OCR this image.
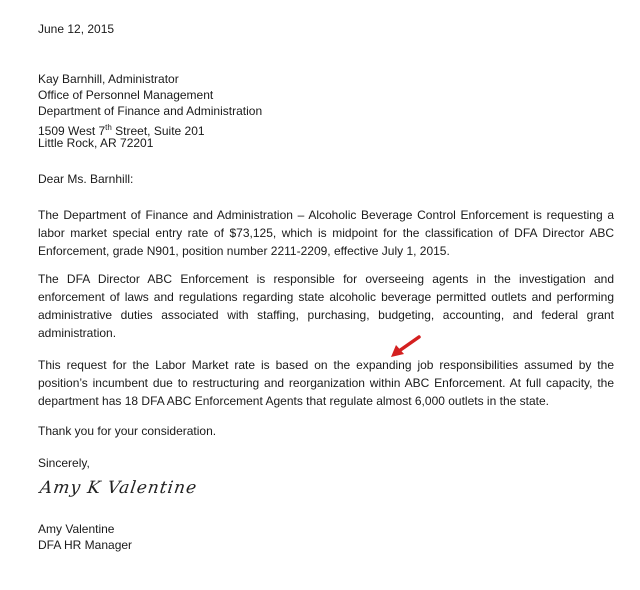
June 12, 2015
Kay Barnhill, Administrator
Office of Personnel Management
Department of Finance and Administration
1509 West 7th Street, Suite 201
Little Rock, AR 72201
Dear Ms. Barnhill:
The Department of Finance and Administration – Alcoholic Beverage Control Enforcement is requesting a labor market special entry rate of $73,125, which is midpoint for the classification of DFA Director ABC Enforcement, grade N901, position number 2211-2209, effective July 1, 2015.
The DFA Director ABC Enforcement is responsible for overseeing agents in the investigation and enforcement of laws and regulations regarding state alcoholic beverage permitted outlets and performing administrative duties associated with staffing, purchasing, budgeting, accounting, and federal grant administration.
This request for the Labor Market rate is based on the expanding job responsibilities assumed by the position’s incumbent due to restructuring and reorganization within ABC Enforcement. At full capacity, the department has 18 DFA ABC Enforcement Agents that regulate almost 6,000 outlets in the state.
Thank you for your consideration.
Sincerely,
Amy K Valentine
Amy Valentine
DFA HR Manager
